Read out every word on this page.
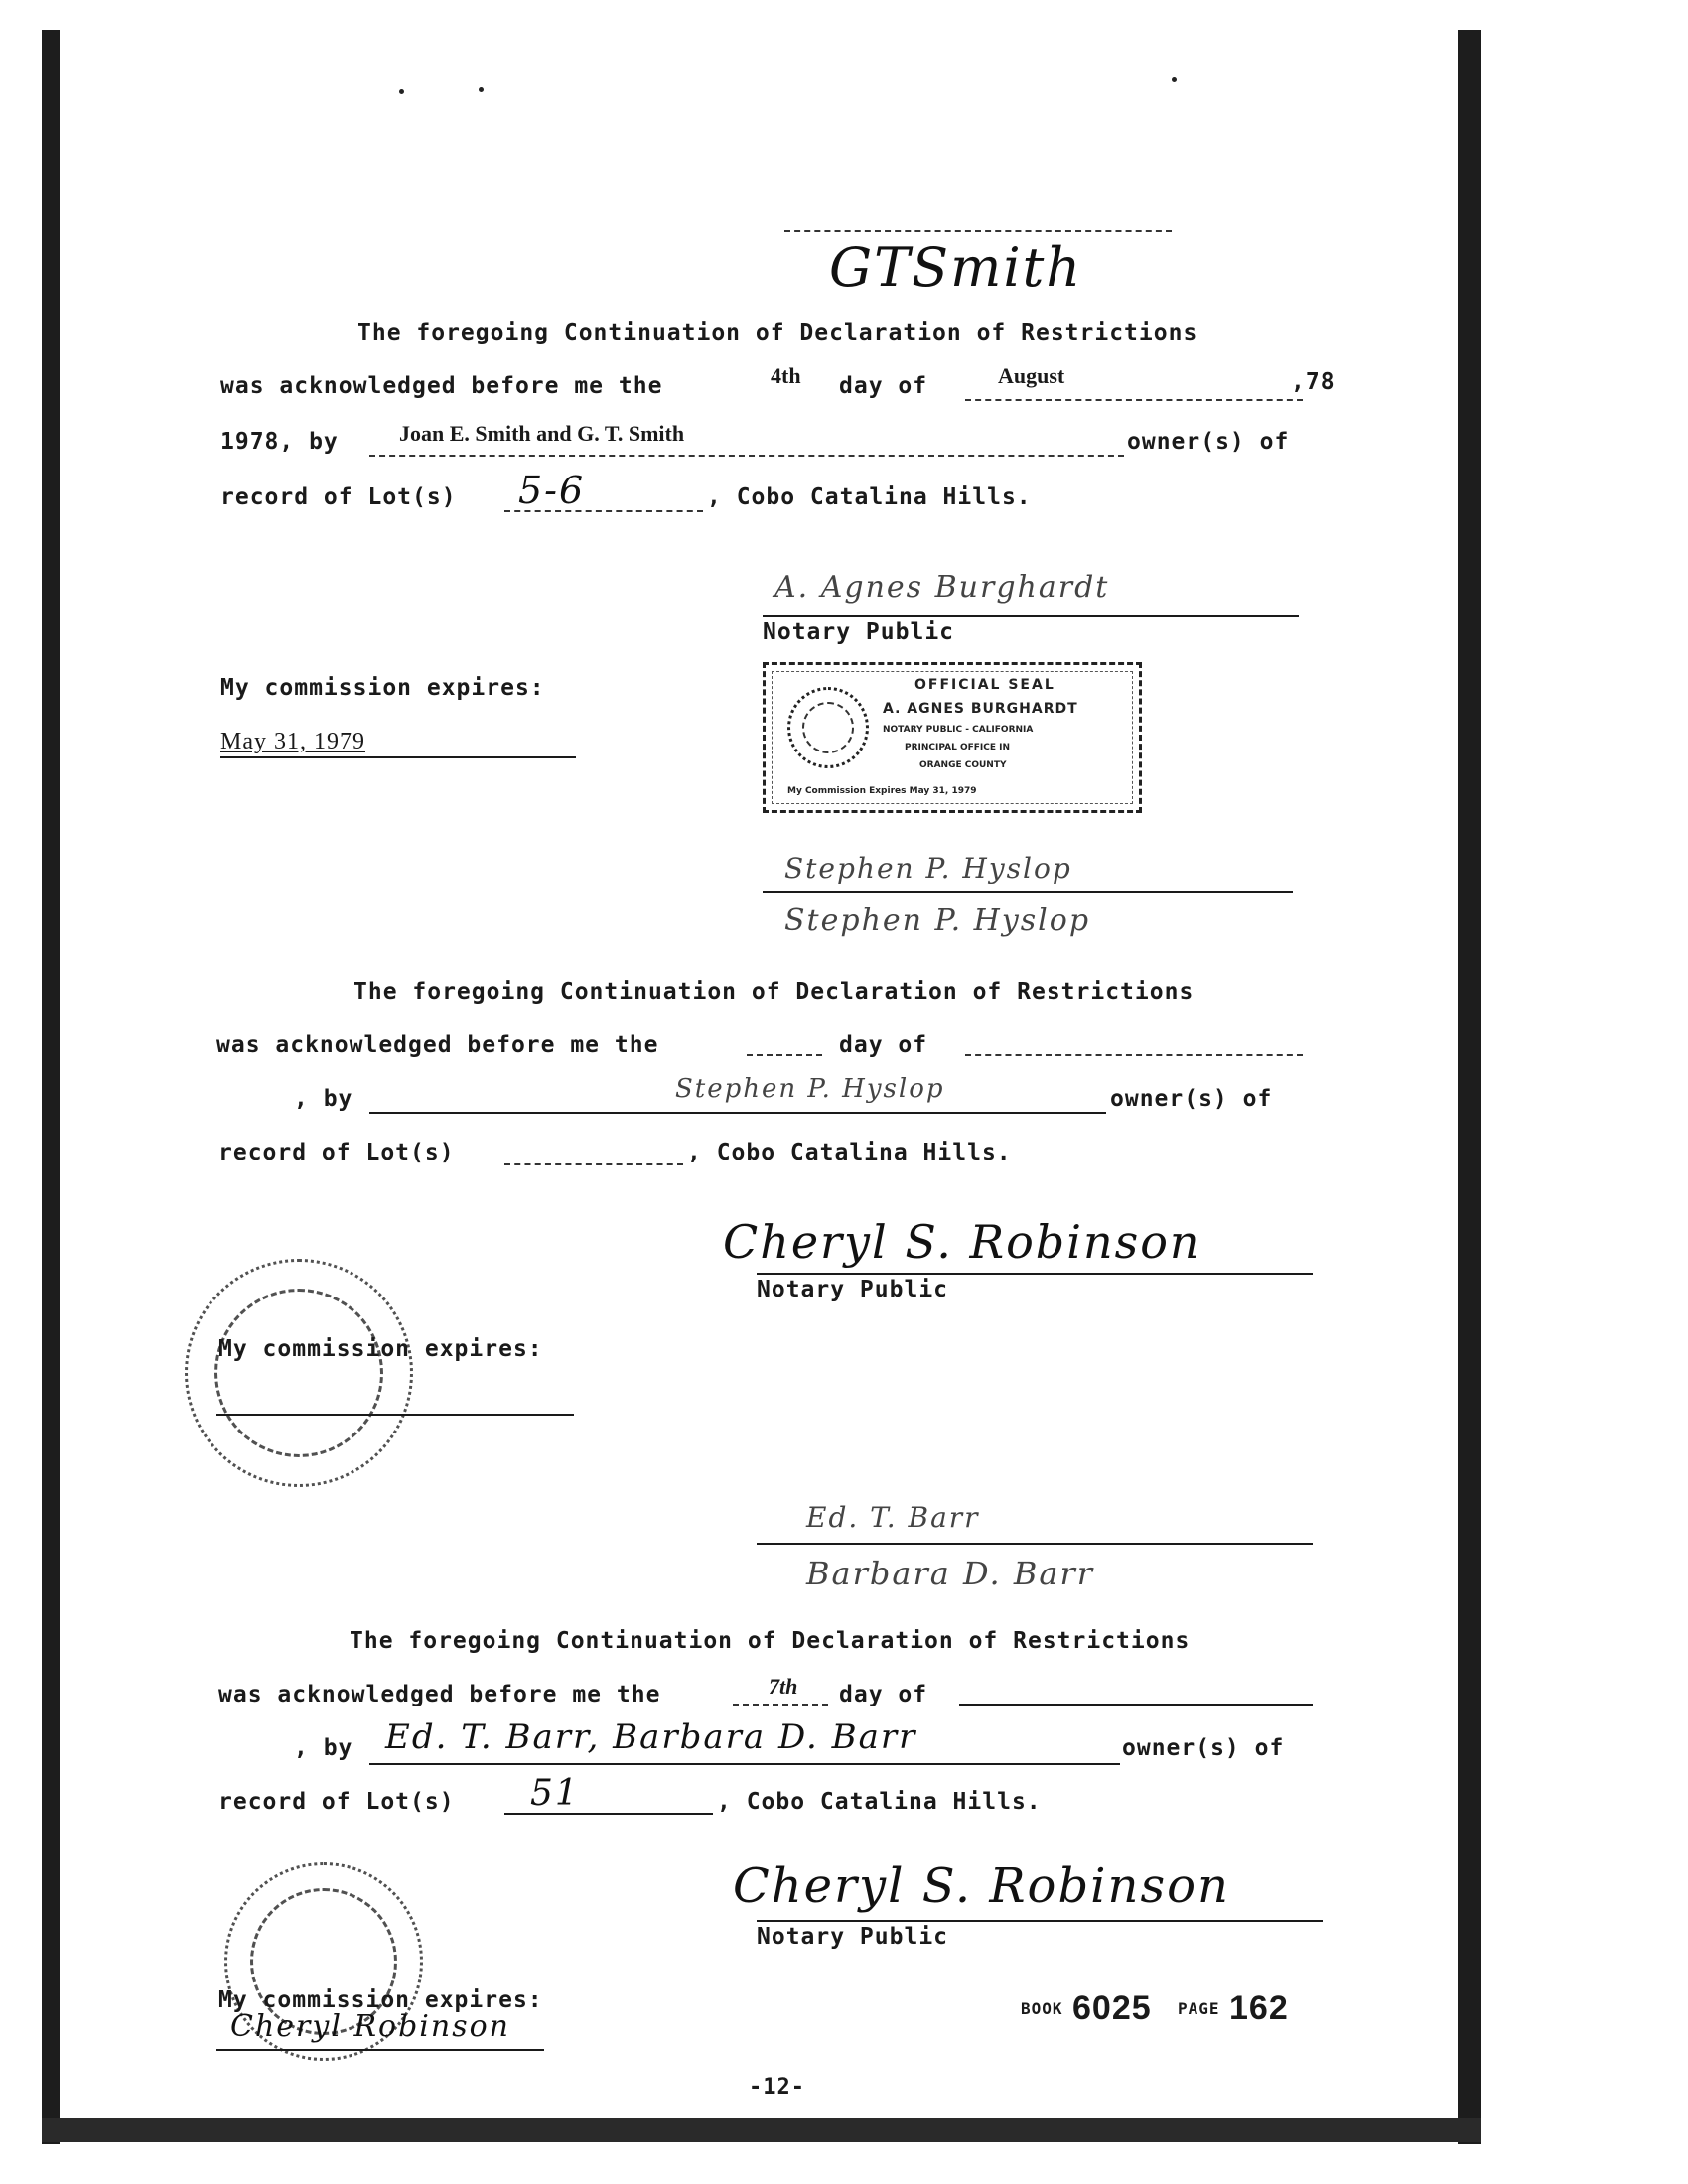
GTSmith
The foregoing Continuation of Declaration of Restrictions
was acknowledged before me the	4th day of	August	,78
1978, by	Joan E. Smith and G. T. Smith	owner(s) of
record of Lot(s) 5-6	, Cobo Catalina Hills.
A. Agnes Burghardt
Notary Public
My commission expires:
May 31, 1979
OFFICIAL SEAL
A. AGNES BURGHARDT
NOTARY PUBLIC - CALIFORNIA
PRINCIPAL OFFICE IN
ORANGE COUNTY
My Commission Expires May 31, 1979
Stephen P. Hyslop
Stephen P. Hyslop
The foregoing Continuation of Declaration of Restrictions
was acknowledged before me the	day of
, by	Stephen P. Hyslop	owner(s) of
record of Lot(s)	, Cobo Catalina Hills.
Cheryl S. Robinson
Notary Public
My commission expires:
Ed. T. Barr
Barbara D. Barr
The foregoing Continuation of Declaration of Restrictions
was acknowledged before me the	7th day of
, by Ed. T. Barr, Barbara D. Barr	owner(s) of
record of Lot(s) 51	, Cobo Catalina Hills.
Cheryl S. Robinson
Notary Public
My commission expires:
Cheryl Robinson
-12-
BOOK 6025 PAGE 162
